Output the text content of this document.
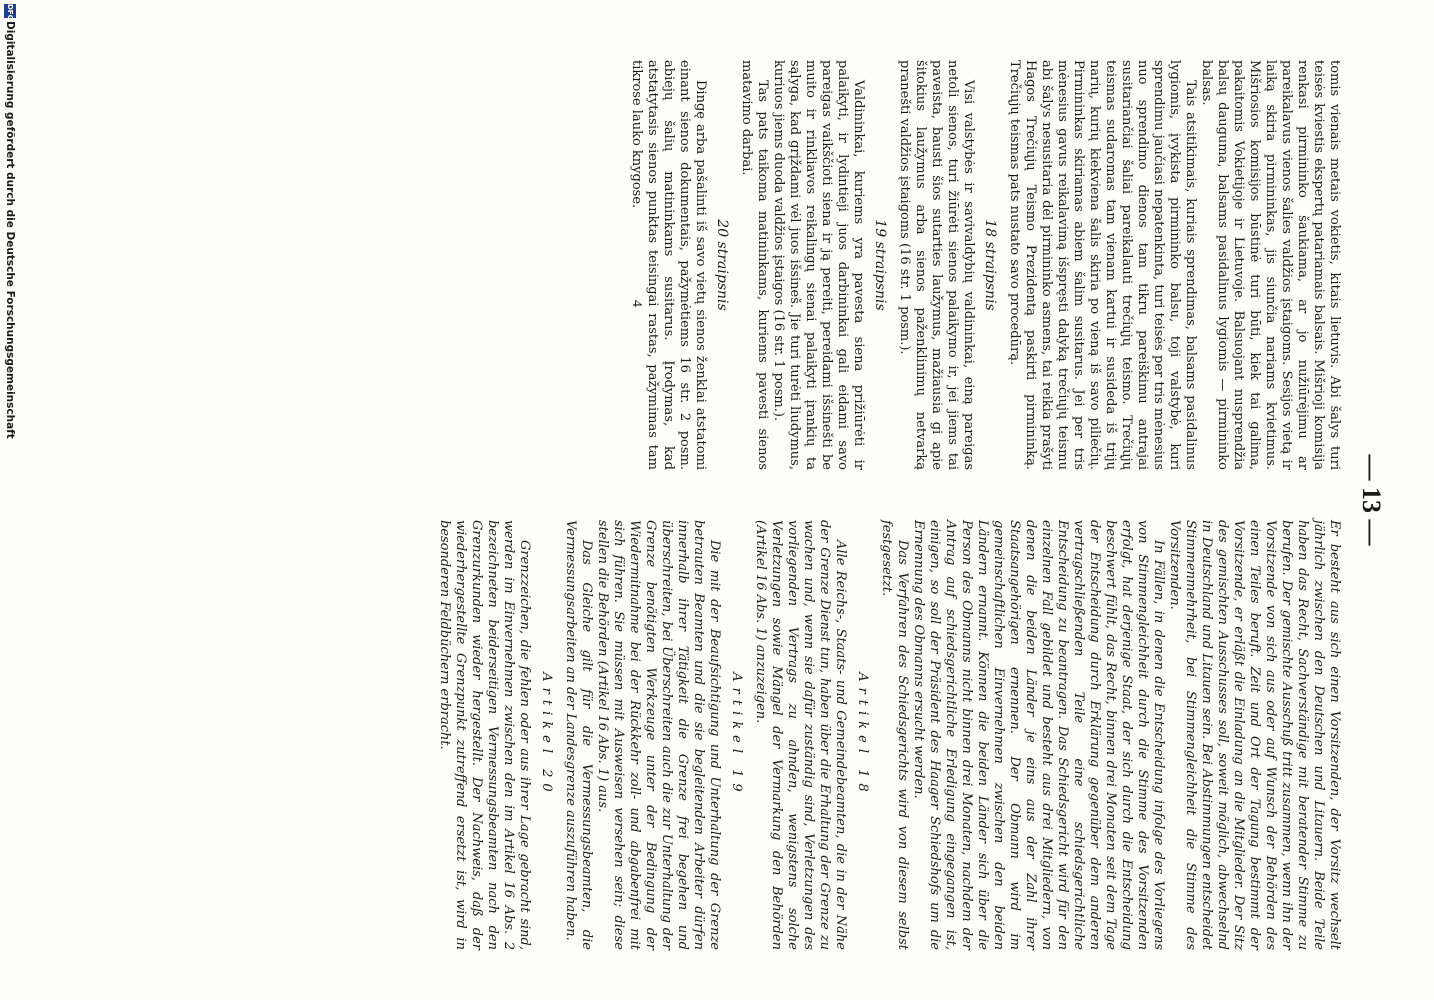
— 13 —

tomis vienais metais vokietis, kitais lietuvis. Abi šalys turi teisės kviestis ekspertų patariamais balsais. Mišrioji komisija renkasi pirmininko šaukiama, ar jo nužiūrėjimu ar pareikalavus vienos šalies valdžios įstaigoms. Sesijos vietą ir laiką skiria pirmininkas, jis siunčia nariams kvietimus. Mišriosios komisijos būstinė turi būti, kiek tai galima, pakaitomis Vokietijoje ir Lietuvoje. Balsuojant nusprendžia balsų dauguma, balsams pasidalinus lygiomis — pirmininko balsas.

Tais atsitikimais, kuriais sprendimas, balsams pasidalinus lygiomis, įvykista pirmininko balsu, toji valstybė, kuri sprendimu jaučiasi nepatenkinta, turi teisės per tris mėnesius nuo sprendimo dienos tam tikru pareiškimu antrajai susitariančiai šaliai pareikalauti trečiųjų teismo. Trečiųjų teismas sudaromas tam vienam kartui ir susideda iš trijų narių, kurių kiekviena šalis skiria po vieną iš savo piliečių. Pirmininkas skiriamas abiem šalim susitarus. Jei per tris mėnesius gavus reikalavimą išspręsti dalyką trečiųjų teismu abi šalys nesusitaria dėl pirmininko asmens, tai reikia prašyti Hagos Trečiųjų Teismo Prezidentą paskirti pirmininką. Trečiųjų teismas pats nustato savo procedūrą.

18 straipsnis

Visi valstybės ir savivaldybių valdininkai, einą pareigas netoli sienos, turi žiūrėti sienos palaikymo ir, jei jiems tai paveista, bausti šios sutarties laužymus, mažiausia gi apie šitokius laužymus arba sienos paženklinimų netvarką pranešti valdžios įstaigoms (16 str. 1 posm.).

19 straipsnis

Valdininkai, kuriems yra pavesta siena prižiūrėti ir palaikyti, ir lydintieji juos darbininkai gali eidami savo pareigas vaikščioti siena ir ją pereiti, pereidami išsinešti be muito ir rinkliavos reikalingų sienai palaikyti įrankių ta sąlyga, kad grįždami vėl juos išsineš. Jie turi turėti liudymus, kuriuos jiems duoda valdžios įstaigos (16 str. 1 posm.).

Tas pats taikoma matininkams, kuriems pavesti sienos matavimo darbai.

20 straipsnis

Dingę arba pašalinti iš savo vietų sienos ženklai atstatomi einant sienos dokumentais, pažymėtiems 16 str. 2 posm. abiejų šalių matininkams susitarus. Įrodymas, kad atstatytasis sienos punktas teisingai rastas, pažymimas tam tikrose lauko knygose.

Er besteht aus sich einen Vorsitzenden, der Vorsitz wechselt jährlich zwischen den Deutschen und Litauern. Beide Teile haben das Recht, Sachverständige mit beratender Stimme zu berufen. Der gemischte Ausschuß tritt zusammen, wenn ihn der Vorsitzende von sich aus oder auf Wunsch der Behörden des einen Teiles beruft. Zeit und Ort der Tagung bestimmt der Vorsitzende, er erläßt die Einladung an die Mitglieder. Der Sitz des gemischten Ausschusses soll, soweit möglich, abwechselnd in Deutschland und Litauen sein. Bei Abstimmungen entscheidet Stimmenmehrheit, bei Stimmengleichheit die Stimme des Vorsitzenden.

In Fällen, in denen die Entscheidung infolge des Vorliegens von Stimmengleichheit durch die Stimme des Vorsitzenden erfolgt, hat derjenige Staat, der sich durch die Entscheidung beschwert fühlt, das Recht, binnen drei Monaten seit dem Tage der Entscheidung durch Erklärung gegenüber dem anderen vertragschließenden Teile eine schiedsgerichtliche Entscheidung zu beantragen. Das Schiedsgericht wird für den einzelnen Fall gebildet und besteht aus drei Mitgliedern, von denen die beiden Länder je eins aus der Zahl ihrer Staatsangehörigen ernennen. Der Obmann wird im gemeinschaftlichen Einvernehmen zwischen den beiden Ländern ernannt. Können die beiden Länder sich über die Person des Obmanns nicht binnen drei Monaten, nachdem der Antrag auf schiedsgerichtliche Erledigung eingegangen ist, einigen, so soll der Präsident des Haager Schiedshofs um die Ernennung des Obmanns ersucht werden.

Das Verfahren des Schiedsgerichts wird von diesem selbst festgesetzt.

Artikel 18

Alle Reichs-, Staats- und Gemeindebeamten, die in der Nähe der Grenze Dienst tun, haben über die Erhaltung der Grenze zu wachen und, wenn sie dafür zuständig sind, Verletzungen des vorliegenden Vertrags zu ahnden, wenigstens solche Verletzungen sowie Mängel der Vermarkung den Behörden (Artikel 16 Abs. 1) anzuzeigen.

Artikel 19

Die mit der Beaufsichtigung und Unterhaltung der Grenze betrauten Beamten und die sie begleitenden Arbeiter dürfen innerhalb ihrer Tätigkeit die Grenze frei begehen und überschreiten, bei Überschreiten auch die zur Unterhaltung der Grenze benötigten Werkzeuge unter der Bedingung der Wiedermitnahme bei der Rückkehr zoll- und abgabenfrei mit sich führen. Sie müssen mit Ausweisen versehen sein; diese stellen die Behörden (Artikel 16 Abs. 1) aus.

Das Gleiche gilt für die Vermessungsbeamten, die Vermessungsarbeiten an der Landesgrenze auszuführen haben.

Artikel 20

Grenzzeichen, die fehlen oder aus ihrer Lage gebracht sind, werden im Einvernehmen zwischen den im Artikel 16 Abs. 2 bezeichneten beiderseitigen Vermessungsbeamten nach den Grenzurkunden wieder hergestellt. Der Nachweis, daß der wiederhergestellte Grenzpunkt zutreffend ersetzt ist, wird in besonderen Feldbüchern erbracht.

4
DFGDigitalisierung gefördert durch die Deutsche Forschungsgemeinschaft
